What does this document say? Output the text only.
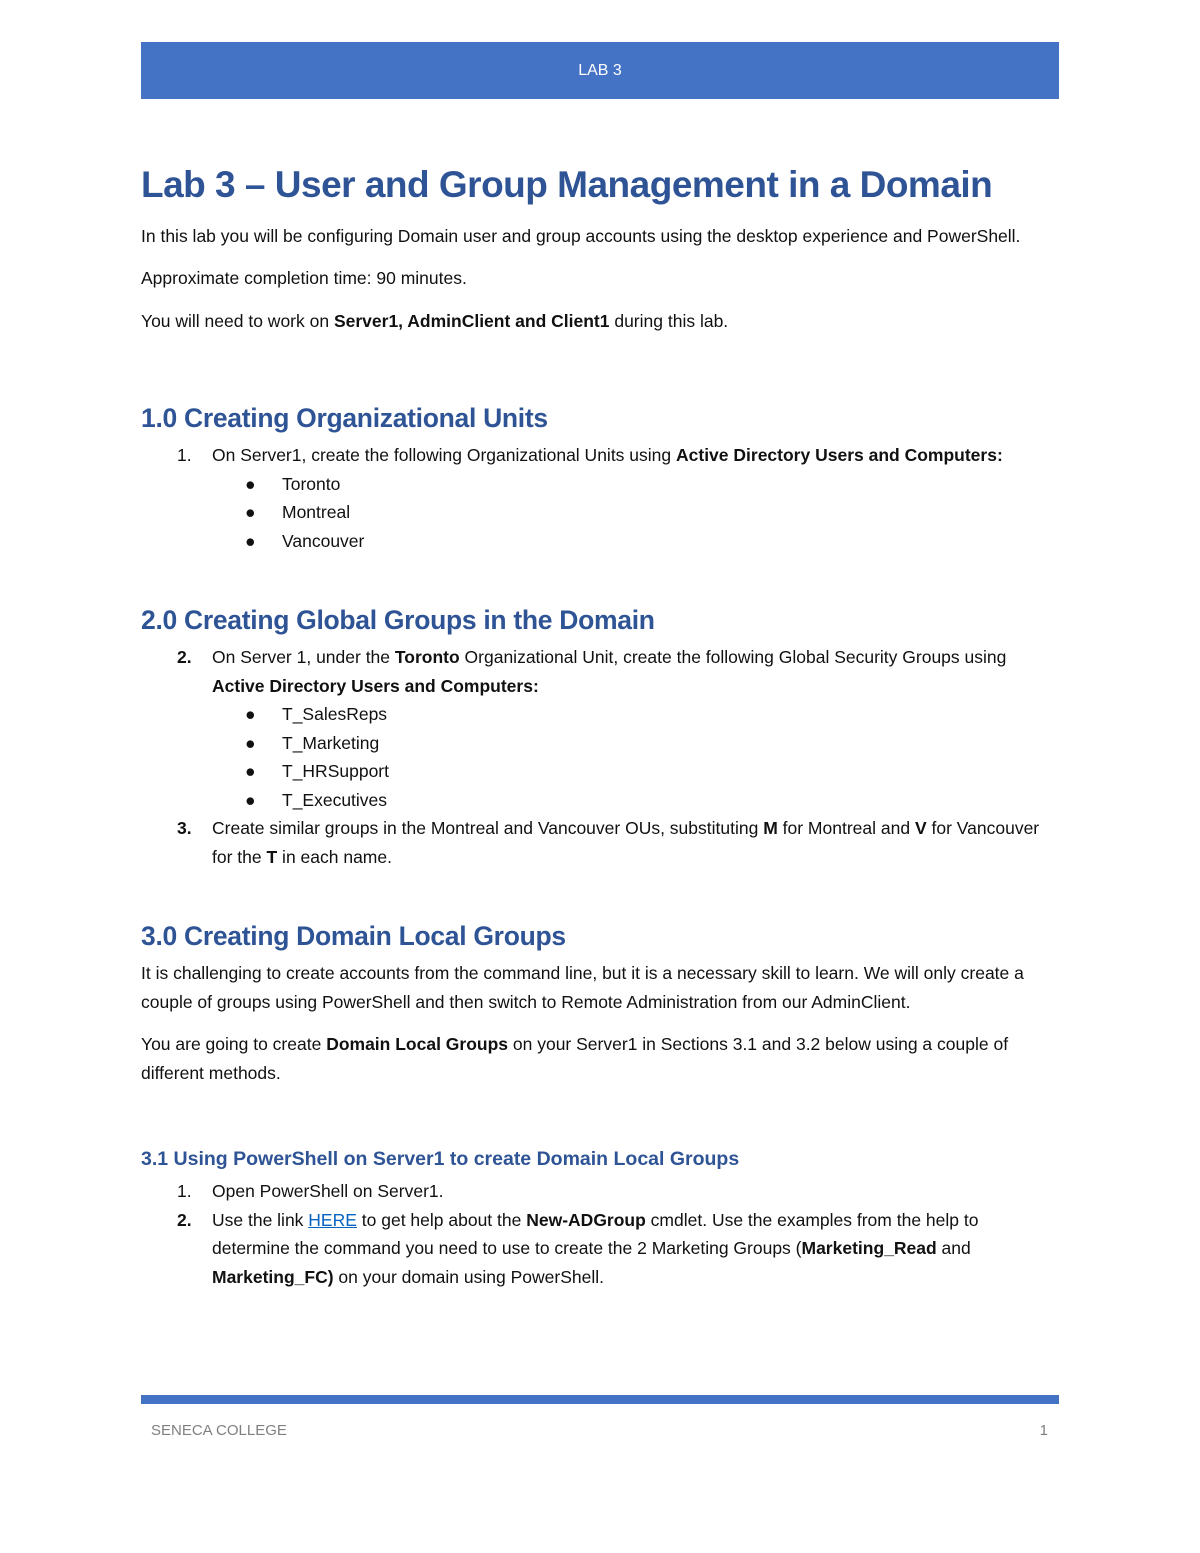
LAB 3
Lab 3 – User and Group Management in a Domain

In this lab you will be configuring Domain user and group accounts using the desktop experience and PowerShell.

Approximate completion time: 90 minutes.

You will need to work on Server1, AdminClient and Client1 during this lab.

1.0 Creating Organizational Units
1. On Server1, create the following Organizational Units using Active Directory Users and Computers:
● Toronto
● Montreal
● Vancouver
2.0 Creating Global Groups in the Domain
2. On Server 1, under the Toronto Organizational Unit, create the following Global Security Groups using Active Directory Users and Computers:
● T_SalesReps
● T_Marketing
● T_HRSupport
● T_Executives
3. Create similar groups in the Montreal and Vancouver OUs, substituting M for Montreal and V for Vancouver for the T in each name.
3.0 Creating Domain Local Groups

It is challenging to create accounts from the command line, but it is a necessary skill to learn. We will only create a couple of groups using PowerShell and then switch to Remote Administration from our AdminClient.

You are going to create Domain Local Groups on your Server1 in Sections 3.1 and 3.2 below using a couple of different methods.

3.1 Using PowerShell on Server1 to create Domain Local Groups
1. Open PowerShell on Server1.
2. Use the link HERE to get help about the New-ADGroup cmdlet. Use the examples from the help to determine the command you need to use to create the 2 Marketing Groups (Marketing_Read and Marketing_FC) on your domain using PowerShell.
SENECA COLLEGE	1
